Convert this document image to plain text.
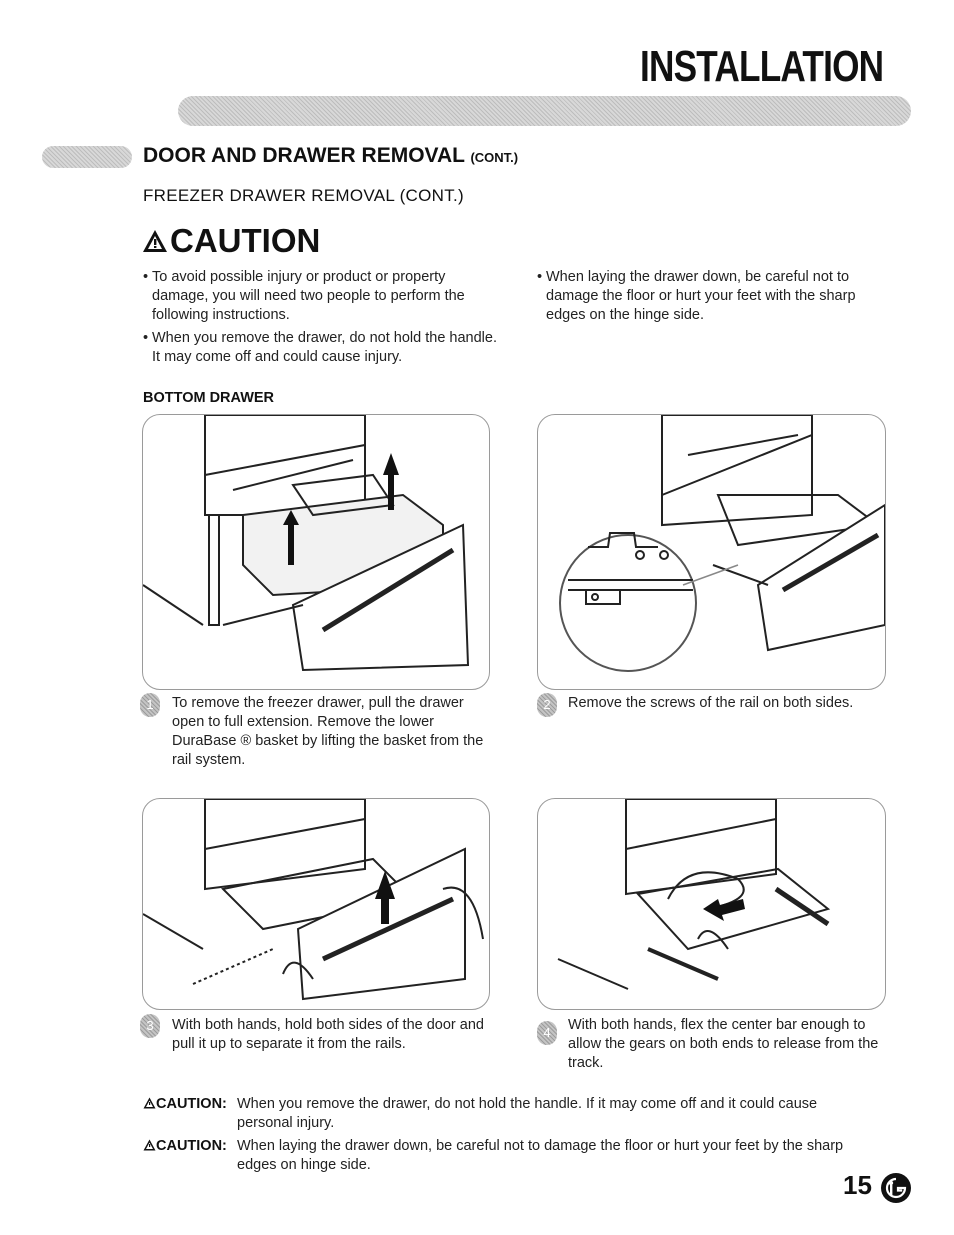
INSTALLATION
DOOR AND DRAWER REMOVAL (CONT.)
FREEZER DRAWER REMOVAL (CONT.)
CAUTION
• To avoid possible injury or product or property damage, you will need two people to perform the following instructions.
• When you remove the drawer, do not hold the handle. It may come off and could cause injury.
• When laying the drawer down, be careful not to damage the floor or hurt your feet with the sharp edges on the hinge side.
BOTTOM DRAWER
1	To remove the freezer drawer, pull the drawer open to full extension. Remove the lower DuraBase ® basket by lifting the basket from the rail system.
2	Remove the screws of the rail on both sides.
3	With both hands, hold both sides of the door and pull it up to separate it from the rails.
4	With both hands, flex the center bar enough to allow the gears on both ends to release from the track.
CAUTION: When you remove the drawer, do not hold the handle. If it may come off and it could cause personal injury.
CAUTION: When laying the drawer down, be careful not to damage the floor or hurt your feet by the sharp edges on hinge side.
15
